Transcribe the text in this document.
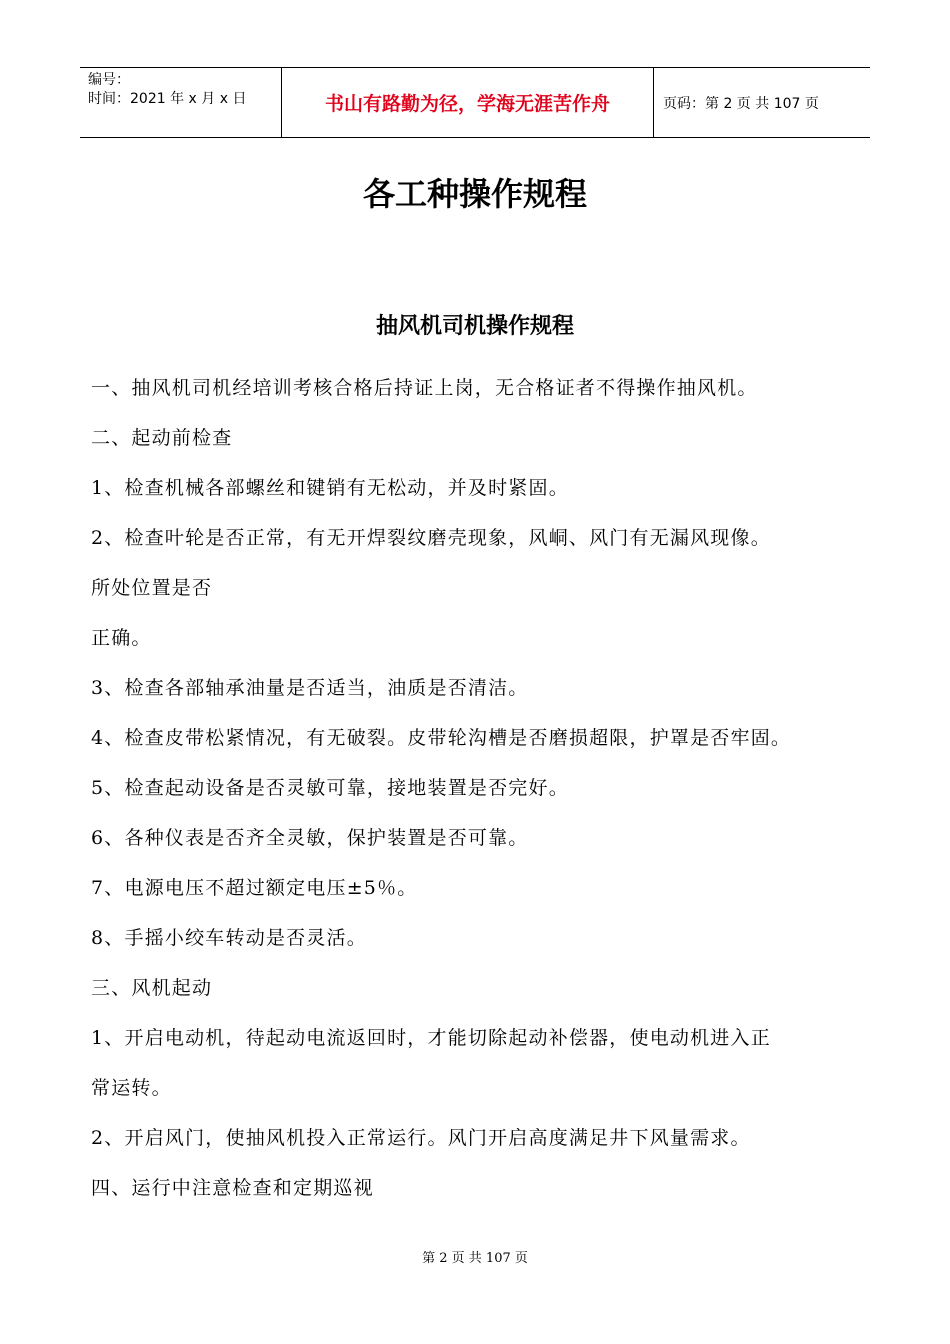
编号：
时间：2021 年 x 月 x 日	书山有路勤为径，学海无涯苦作舟	页码：第 2 页 共 107 页
各工种操作规程
抽风机司机操作规程
一、抽风机司机经培训考核合格后持证上岗，无合格证者不得操作抽风机。
二、起动前检查
1、检查机械各部螺丝和键销有无松动，并及时紧固。
2、检查叶轮是否正常，有无开焊裂纹磨壳现象，风峒、风门有无漏风现像。
所处位置是否
正确。
3、检查各部轴承油量是否适当，油质是否清洁。
4、检查皮带松紧情况，有无破裂。皮带轮沟槽是否磨损超限，护罩是否牢固。
5、检查起动设备是否灵敏可靠，接地装置是否完好。
6、各种仪表是否齐全灵敏，保护装置是否可靠。
7、电源电压不超过额定电压±5％。
8、手摇小绞车转动是否灵活。
三、风机起动
1、开启电动机，待起动电流返回时，才能切除起动补偿器，使电动机进入正
常运转。
2、开启风门，使抽风机投入正常运行。风门开启高度满足井下风量需求。
四、运行中注意检查和定期巡视
第 2 页 共 107 页
